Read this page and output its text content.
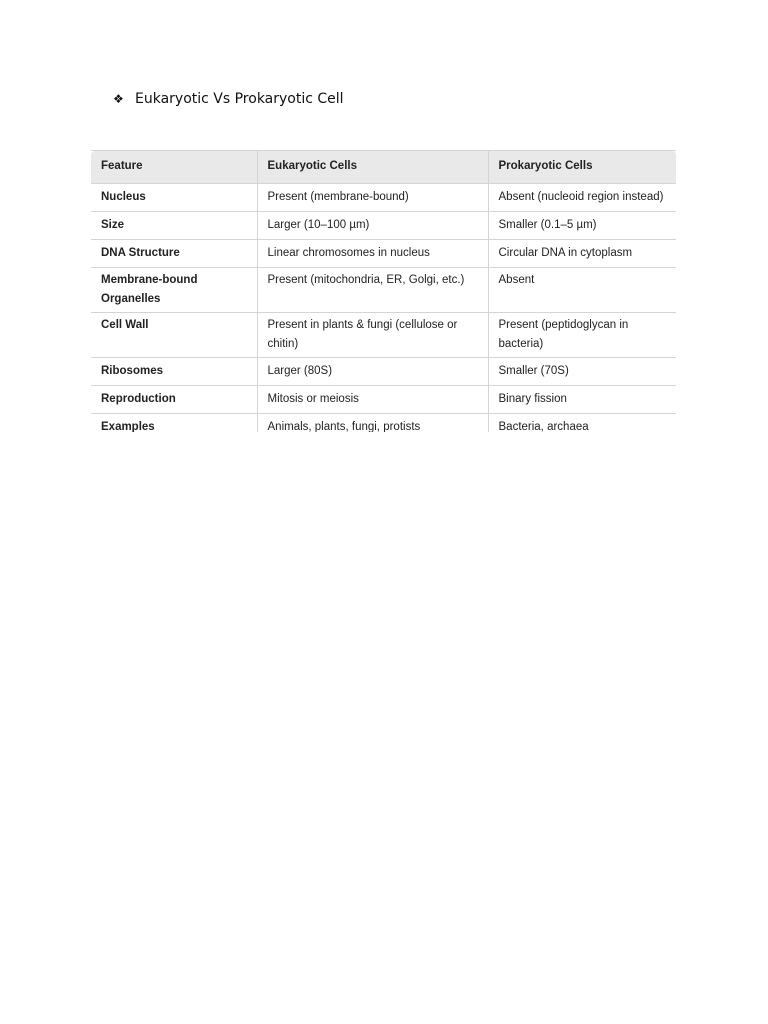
❖ Eukaryotic Vs Prokaryotic Cell
Feature	Eukaryotic Cells	Prokaryotic Cells
Nucleus	Present (membrane-bound)	Absent (nucleoid region instead)
Size	Larger (10–100 µm)	Smaller (0.1–5 µm)
DNA Structure	Linear chromosomes in nucleus	Circular DNA in cytoplasm
Membrane-bound Organelles	Present (mitochondria, ER, Golgi, etc.)	Absent
Cell Wall	Present in plants & fungi (cellulose or chitin)	Present (peptidoglycan in bacteria)
Ribosomes	Larger (80S)	Smaller (70S)
Reproduction	Mitosis or meiosis	Binary fission
Examples	Animals, plants, fungi, protists	Bacteria, archaea
